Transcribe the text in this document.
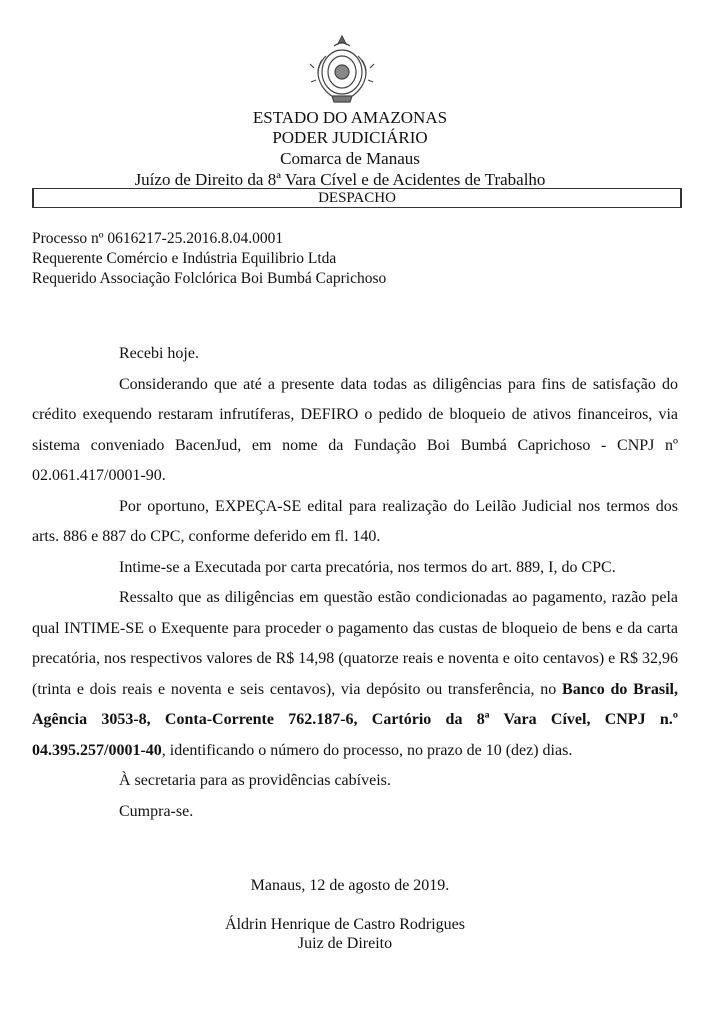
ESTADO DO AMAZONAS
PODER JUDICIÁRIO
Comarca de Manaus
Juízo de Direito da 8ª Vara Cível e de Acidentes de Trabalho
DESPACHO
Processo nº 0616217-25.2016.8.04.0001
Requerente Comércio e Indústria Equilibrio Ltda
Requerido Associação Folclórica Boi Bumbá Caprichoso

Recebi hoje.

Considerando que até a presente data todas as diligências para fins de satisfação do crédito exequendo restaram infrutíferas, DEFIRO o pedido de bloqueio de ativos financeiros, via sistema conveniado BacenJud, em nome da Fundação Boi Bumbá Caprichoso - CNPJ nº 02.061.417/0001-90.

Por oportuno, EXPEÇA-SE edital para realização do Leilão Judicial nos termos dos arts. 886 e 887 do CPC, conforme deferido em fl. 140.

Intime-se a Executada por carta precatória, nos termos do art. 889, I, do CPC.

Ressalto que as diligências em questão estão condicionadas ao pagamento, razão pela qual INTIME-SE o Exequente para proceder o pagamento das custas de bloqueio de bens e da carta precatória, nos respectivos valores de R$ 14,98 (quatorze reais e noventa e oito centavos) e R$ 32,96 (trinta e dois reais e noventa e seis centavos), via depósito ou transferência, no Banco do Brasil, Agência 3053-8, Conta-Corrente 762.187-6, Cartório da 8ª Vara Cível, CNPJ n.º 04.395.257/0001-40, identificando o número do processo, no prazo de 10 (dez) dias.

À secretaria para as providências cabíveis.

Cumpra-se.

Manaus, 12 de agosto de 2019.
Áldrin Henrique de Castro Rodrigues
Juiz de Direito
